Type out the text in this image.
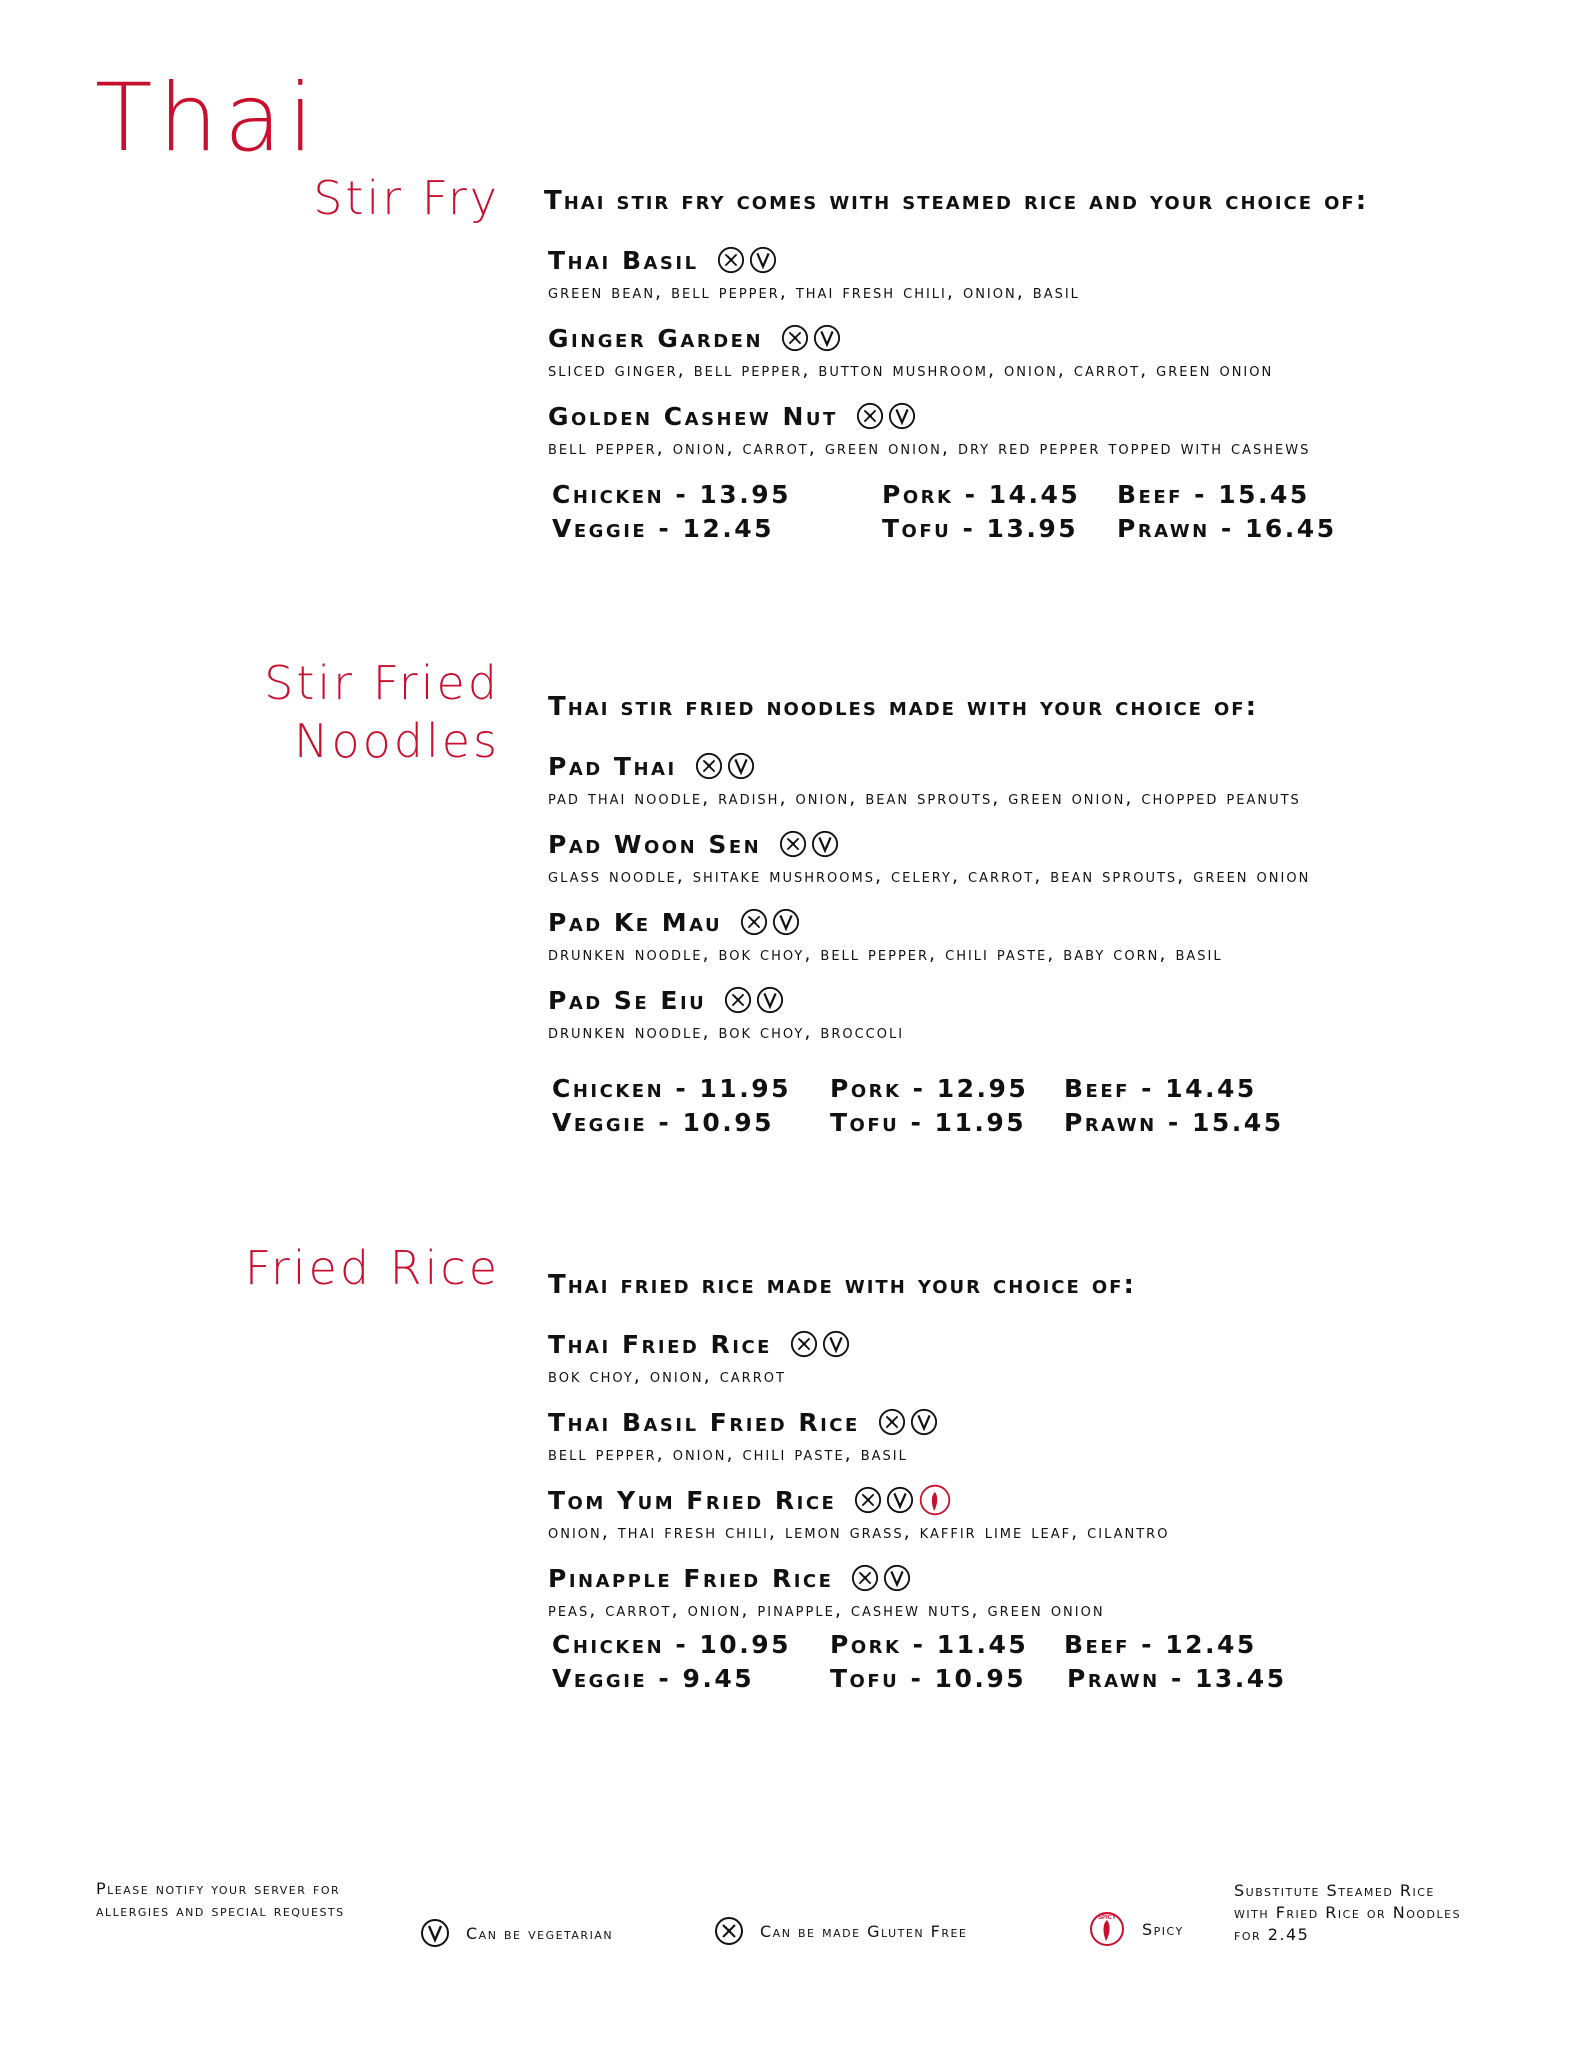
Thai
Stir Fry Thai stir fry comes with steamed rice and your choice of:
Thai Basil
green bean, bell pepper, thai fresh chili, onion, basil
Ginger Garden
sliced ginger, bell pepper, button mushroom, onion, carrot, green onion
Golden Cashew Nut
bell pepper, onion, carrot, green onion, dry red pepper topped with cashews
Chicken - 13.95	Pork - 14.45 Beef - 15.45
Veggie - 12.45	Tofu - 13.95 Prawn - 16.45
Stir Fried
Noodles
Thai stir fried noodles made with your choice of:
Pad Thai
pad thai noodle, radish, onion, bean sprouts, green onion, chopped peanuts
Pad Woon Sen
glass noodle, shitake mushrooms, celery, carrot, bean sprouts, green onion
Pad Ke Mau
drunken noodle, bok choy, bell pepper, chili paste, baby corn, basil
Pad Se Eiu
drunken noodle, bok choy, broccoli
Chicken - 11.95 Pork - 12.95 Beef - 14.45
Veggie - 10.95 Tofu - 11.95 Prawn - 15.45
Fried Rice Thai fried rice made with your choice of:
Thai Fried Rice
bok choy, onion, carrot
Thai Basil Fried Rice
bell pepper, onion, chili paste, basil
Tom Yum Fried Rice
onion, thai fresh chili, lemon grass, kaffir lime leaf, cilantro
Pinapple Fried Rice
peas, carrot, onion, pinapple, cashew nuts, green onion
Chicken - 10.95 Pork - 11.45 Beef - 12.45
Veggie - 9.45	Tofu - 10.95 Prawn - 13.45
Please notify your server for allergies and special requests
Can be vegetarian	Can be made Gluten Free
SPICY
Spicy
Substitute Steamed Rice with Fried Rice or Noodles for 2.45
